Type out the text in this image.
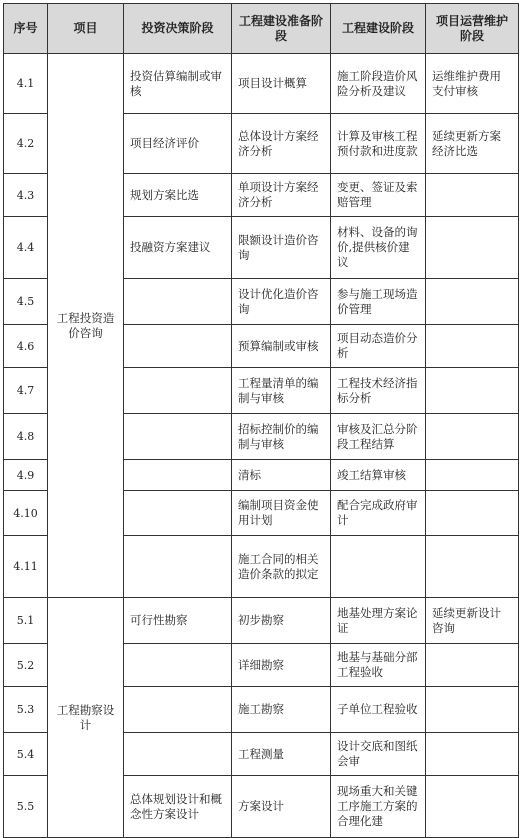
序号	项目	投资决策阶段	工程建设准备阶段	工程建设阶段	项目运营维护阶段
4.1	工程投资造价咨询	投资估算编制或审核	项目设计概算	施工阶段造价风险分析及建议	运维维护费用支付审核
4.2		项目经济评价	总体设计方案经济分析	计算及审核工程预付款和进度款	延续更新方案经济比选
4.3		规划方案比选	单项设计方案经济分析	变更、签证及索赔管理	
4.4		投融资方案建议	限额设计造价咨询	材料、设备的询价,提供核价建议	
4.5			设计优化造价咨询	参与施工现场造价管理	
4.6			预算编制或审核	项目动态造价分析	
4.7			工程量清单的编制与审核	工程技术经济指标分析	
4.8			招标控制价的编制与审核	审核及汇总分阶段工程结算	
4.9			清标	竣工结算审核	
4.10			编制项目资金使用计划	配合完成政府审计	
4.11			施工合同的相关造价条款的拟定		
5.1	工程勘察设计	可行性勘察	初步勘察	地基处理方案论证	延续更新设计咨询
5.2			详细勘察	地基与基础分部工程验收	
5.3			施工勘察	子单位工程验收	
5.4			工程测量	设计交底和图纸会审	
5.5		总体规划设计和概念性方案设计	方案设计	现场重大和关键工序施工方案的合理化建	
